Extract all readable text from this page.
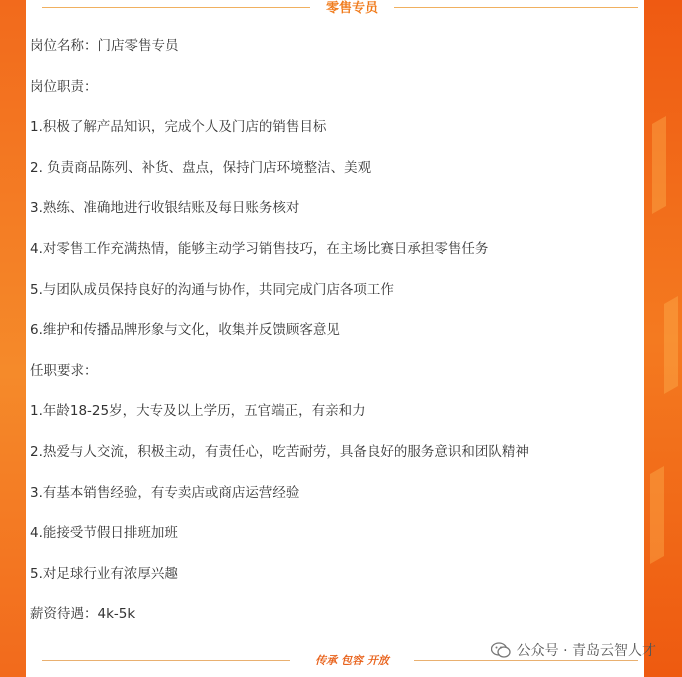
零售专员
岗位名称：门店零售专员
岗位职责：
1.积极了解产品知识，完成个人及门店的销售目标
2. 负责商品陈列、补货、盘点，保持门店环境整洁、美观
3.熟练、准确地进行收银结账及每日账务核对
4.对零售工作充满热情，能够主动学习销售技巧，在主场比赛日承担零售任务
5.与团队成员保持良好的沟通与协作，共同完成门店各项工作
6.维护和传播品牌形象与文化，收集并反馈顾客意见
任职要求：
1.年龄18-25岁，大专及以上学历，五官端正，有亲和力
2.热爱与人交流，积极主动，有责任心，吃苦耐劳，具备良好的服务意识和团队精神
3.有基本销售经验，有专卖店或商店运营经验
4.能接受节假日排班加班
5.对足球行业有浓厚兴趣
薪资待遇：4k-5k
传承 包容 开放
公众号 · 青岛云智人才
